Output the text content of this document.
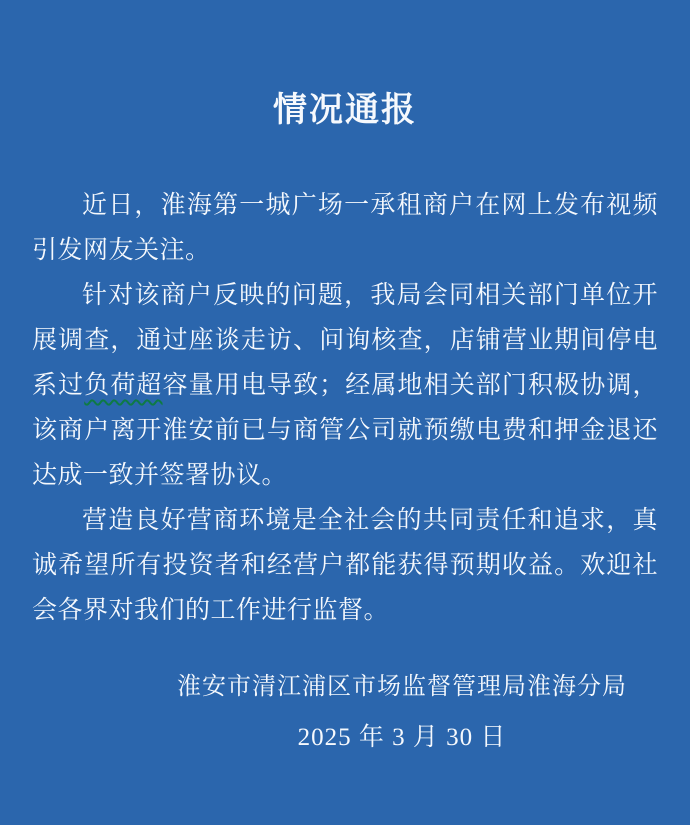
情况通报

近日，淮海第一城广场一承租商户在网上发布视频引发网友关注。

针对该商户反映的问题，我局会同相关部门单位开展调查，通过座谈走访、问询核查，店铺营业期间停电系过负荷超容量用电导致；经属地相关部门积极协调，该商户离开淮安前已与商管公司就预缴电费和押金退还达成一致并签署协议。

营造良好营商环境是全社会的共同责任和追求，真诚希望所有投资者和经营户都能获得预期收益。欢迎社会各界对我们的工作进行监督。

淮安市清江浦区市场监督管理局淮海分局
2025 年 3 月 30 日
